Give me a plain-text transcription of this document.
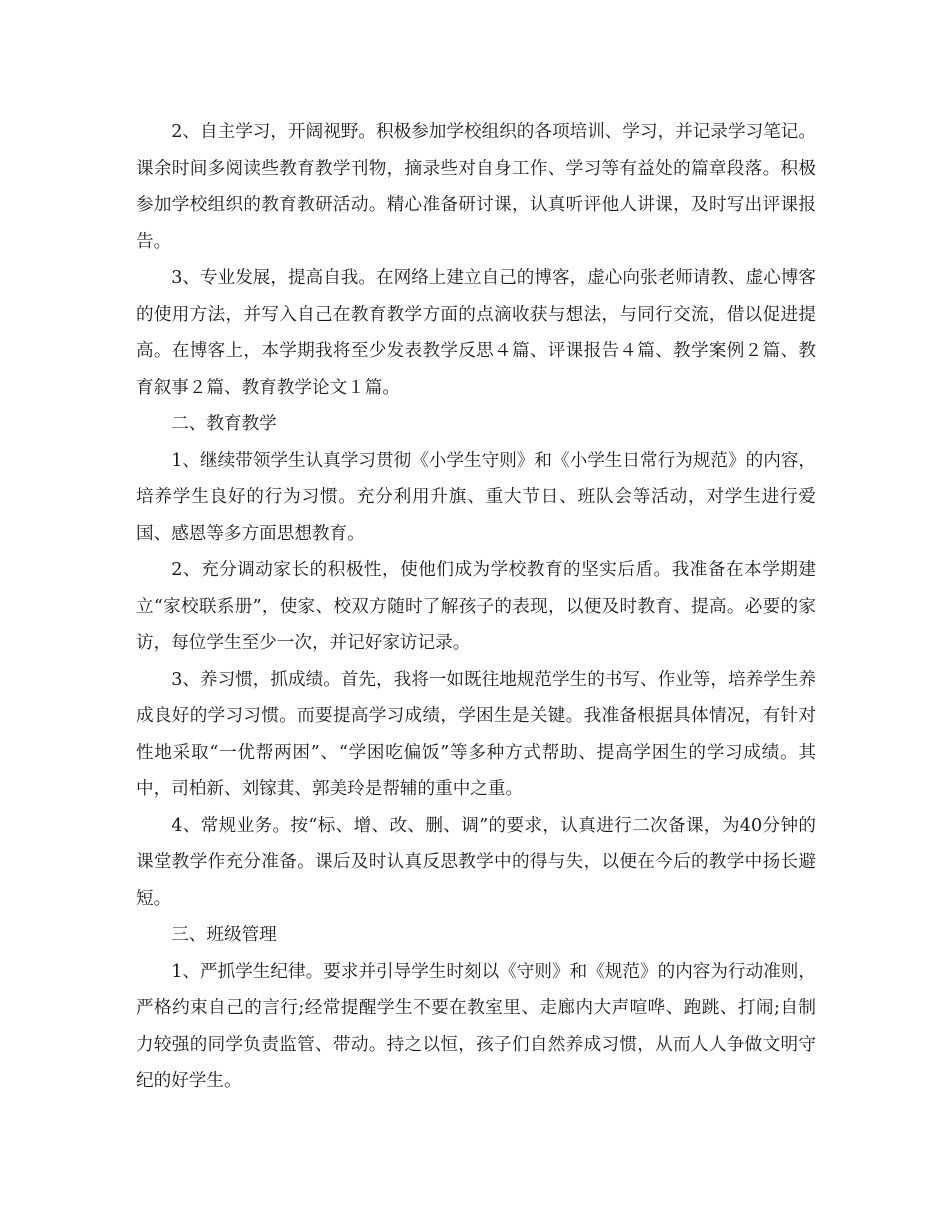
2、自主学习，开阔视野。积极参加学校组织的各项培训、学习，并记录学习笔记。课余时间多阅读些教育教学刊物，摘录些对自身工作、学习等有益处的篇章段落。积极参加学校组织的教育教研活动。精心准备研讨课，认真听评他人讲课，及时写出评课报告。

3、专业发展，提高自我。在网络上建立自己的博客，虚心向张老师请教、虚心博客的使用方法，并写入自己在教育教学方面的点滴收获与想法，与同行交流，借以促进提高。在博客上，本学期我将至少发表教学反思４篇、评课报告４篇、教学案例２篇、教育叙事２篇、教育教学论文１篇。

二、教育教学

1、继续带领学生认真学习贯彻《小学生守则》和《小学生日常行为规范》的内容，培养学生良好的行为习惯。充分利用升旗、重大节日、班队会等活动，对学生进行爱国、感恩等多方面思想教育。

2、充分调动家长的积极性，使他们成为学校教育的坚实后盾。我准备在本学期建立“家校联系册”，使家、校双方随时了解孩子的表现，以便及时教育、提高。必要的家访，每位学生至少一次，并记好家访记录。

3、养习惯，抓成绩。首先，我将一如既往地规范学生的书写、作业等，培养学生养成良好的学习习惯。而要提高学习成绩，学困生是关键。我准备根据具体情况，有针对性地采取“一优帮两困”、“学困吃偏饭”等多种方式帮助、提高学困生的学习成绩。其中，司柏新、刘镓萁、郭美玲是帮辅的重中之重。

4、常规业务。按“标、增、改、删、调”的要求，认真进行二次备课，为40分钟的课堂教学作充分准备。课后及时认真反思教学中的得与失，以便在今后的教学中扬长避短。

三、班级管理

1、严抓学生纪律。要求并引导学生时刻以《守则》和《规范》的内容为行动准则，严格约束自己的言行;经常提醒学生不要在教室里、走廊内大声喧哗、跑跳、打闹;自制力较强的同学负责监管、带动。持之以恒，孩子们自然养成习惯，从而人人争做文明守纪的好学生。
